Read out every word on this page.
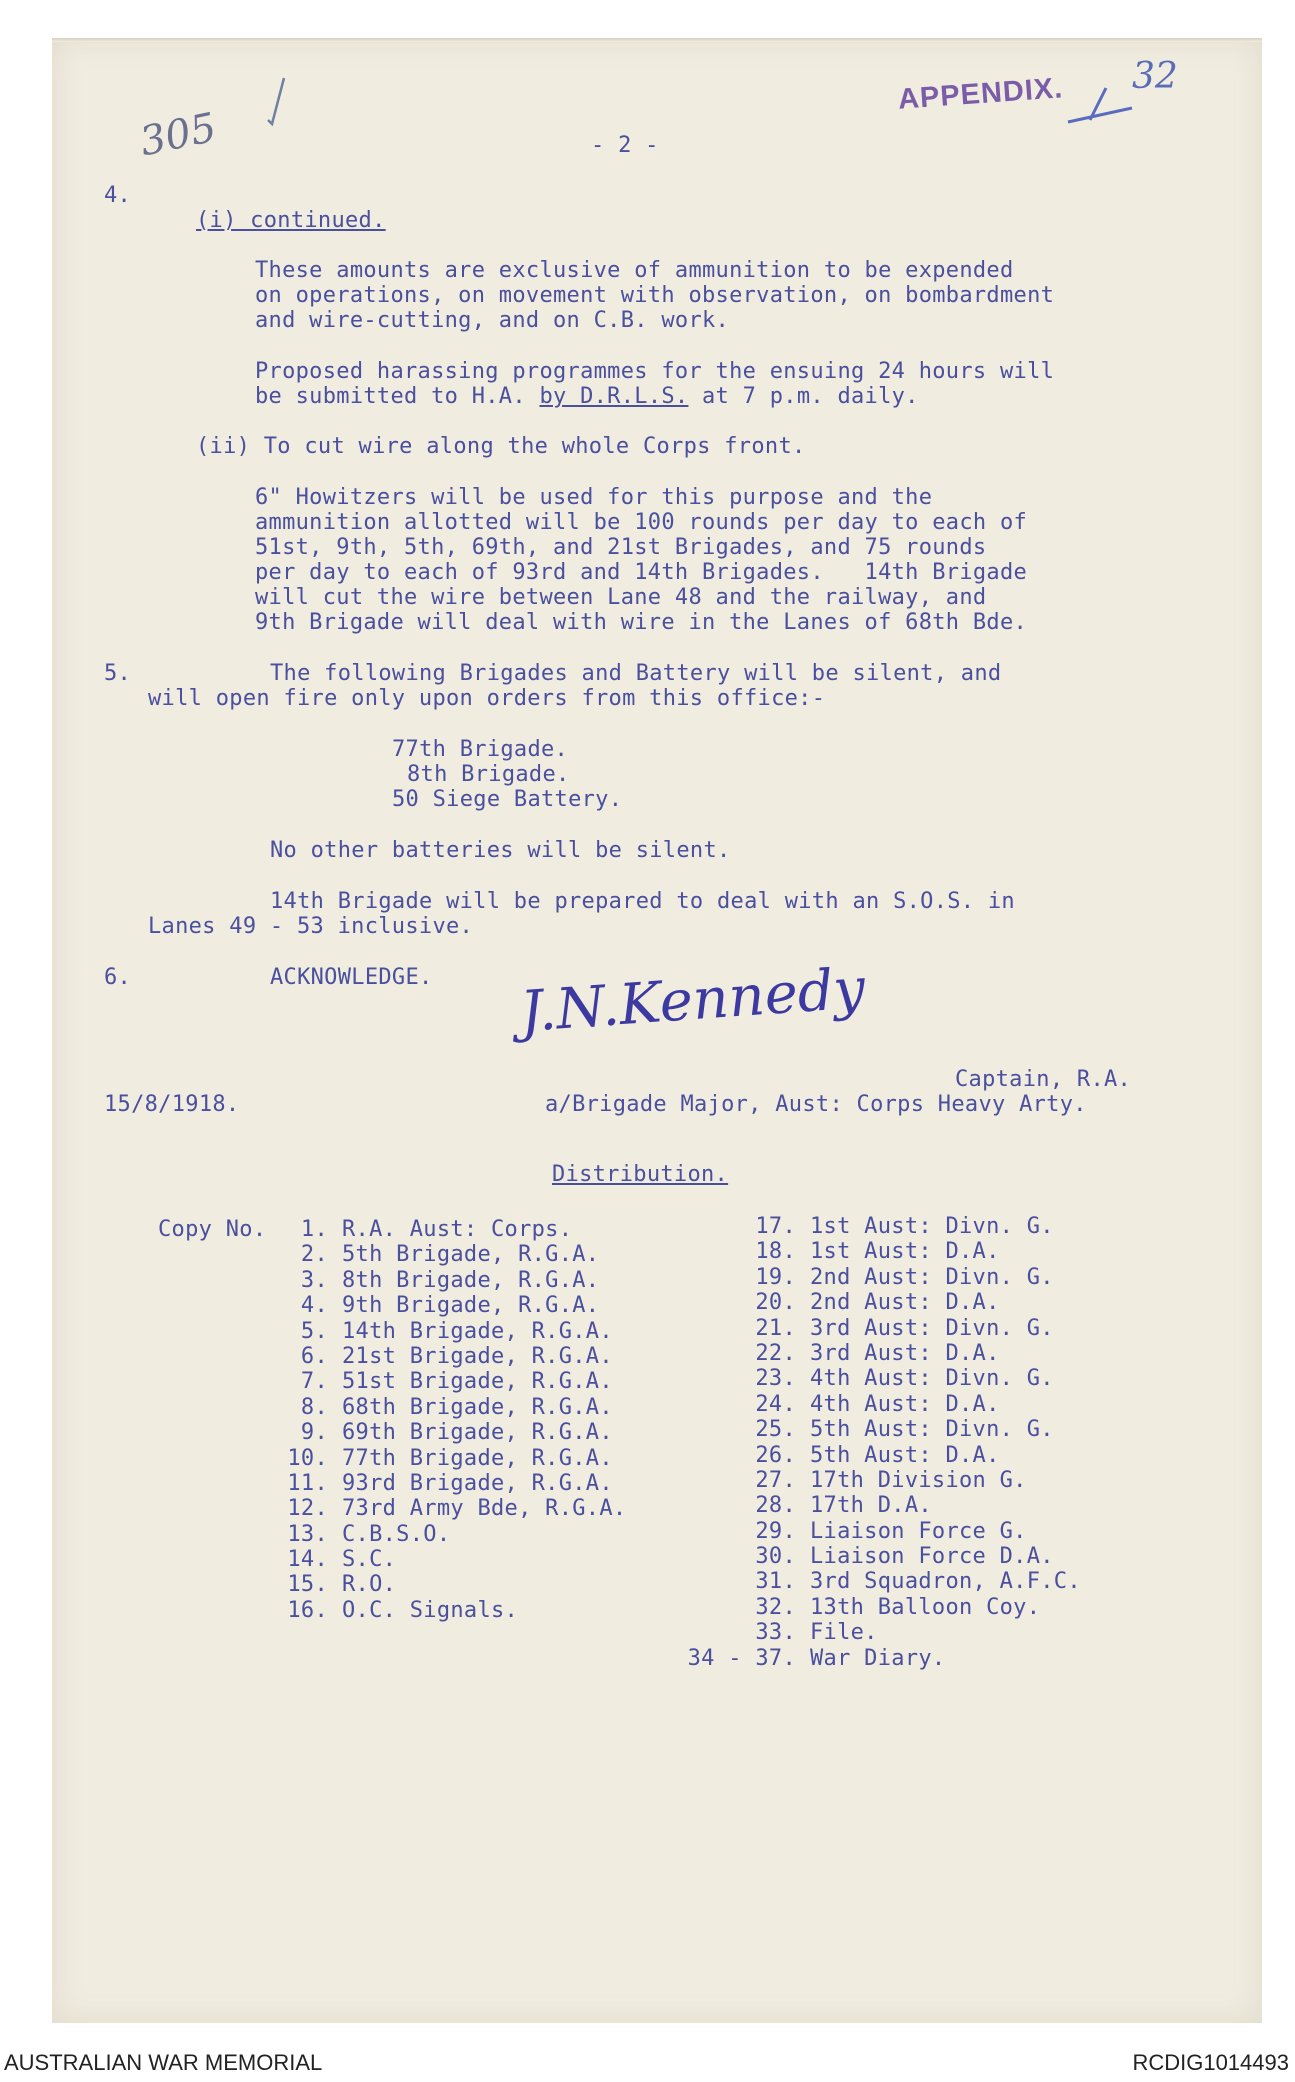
305
APPENDIX. 32
- 2 -
4.
(i) continued.
These amounts are exclusive of ammunition to be expended
on operations, on movement with observation, on bombardment
and wire-cutting, and on C.B. work.
Proposed harassing programmes for the ensuing 24 hours will
be submitted to H.A. by D.R.L.S. at 7 p.m. daily.
(ii) To cut wire along the whole Corps front.
6" Howitzers will be used for this purpose and the
ammunition allotted will be 100 rounds per day to each of
51st, 9th, 5th, 69th, and 21st Brigades, and 75 rounds
per day to each of 93rd and 14th Brigades.   14th Brigade
will cut the wire between Lane 48 and the railway, and
9th Brigade will deal with wire in the Lanes of 68th Bde.
5.	The following Brigades and Battery will be silent, and
will open fire only upon orders from this office:-
77th Brigade.
8th Brigade.
50 Siege Battery.
No other batteries will be silent.
14th Brigade will be prepared to deal with an S.O.S. in
Lanes 49 - 53 inclusive.
6.	ACKNOWLEDGE. J.N.Kennedy
Captain, R.A.
15/8/1918.	a/Brigade Major, Aust: Corps Heavy Arty.
Distribution.
Copy No.	1. R.A. Aust: Corps.
2. 5th Brigade, R.G.A.
3. 8th Brigade, R.G.A.
4. 9th Brigade, R.G.A.
5. 14th Brigade, R.G.A.
6. 21st Brigade, R.G.A.
7. 51st Brigade, R.G.A.
8. 68th Brigade, R.G.A.
9. 69th Brigade, R.G.A.
10. 77th Brigade, R.G.A.
11. 93rd Brigade, R.G.A.
12. 73rd Army Bde, R.G.A.
13. C.B.S.O.
14. S.C.
15. R.O.
16. O.C. Signals.
17. 1st Aust: Divn. G.
18. 1st Aust: D.A.
19. 2nd Aust: Divn. G.
20. 2nd Aust: D.A.
21. 3rd Aust: Divn. G.
22. 3rd Aust: D.A.
23. 4th Aust: Divn. G.
24. 4th Aust: D.A.
25. 5th Aust: Divn. G.
26. 5th Aust: D.A.
27. 17th Division G.
28. 17th D.A.
29. Liaison Force G.
30. Liaison Force D.A.
31. 3rd Squadron, A.F.C.
32. 13th Balloon Coy.
33. File.
34 - 37. War Diary.
AUSTRALIAN WAR MEMORIAL	RCDIG1014493
